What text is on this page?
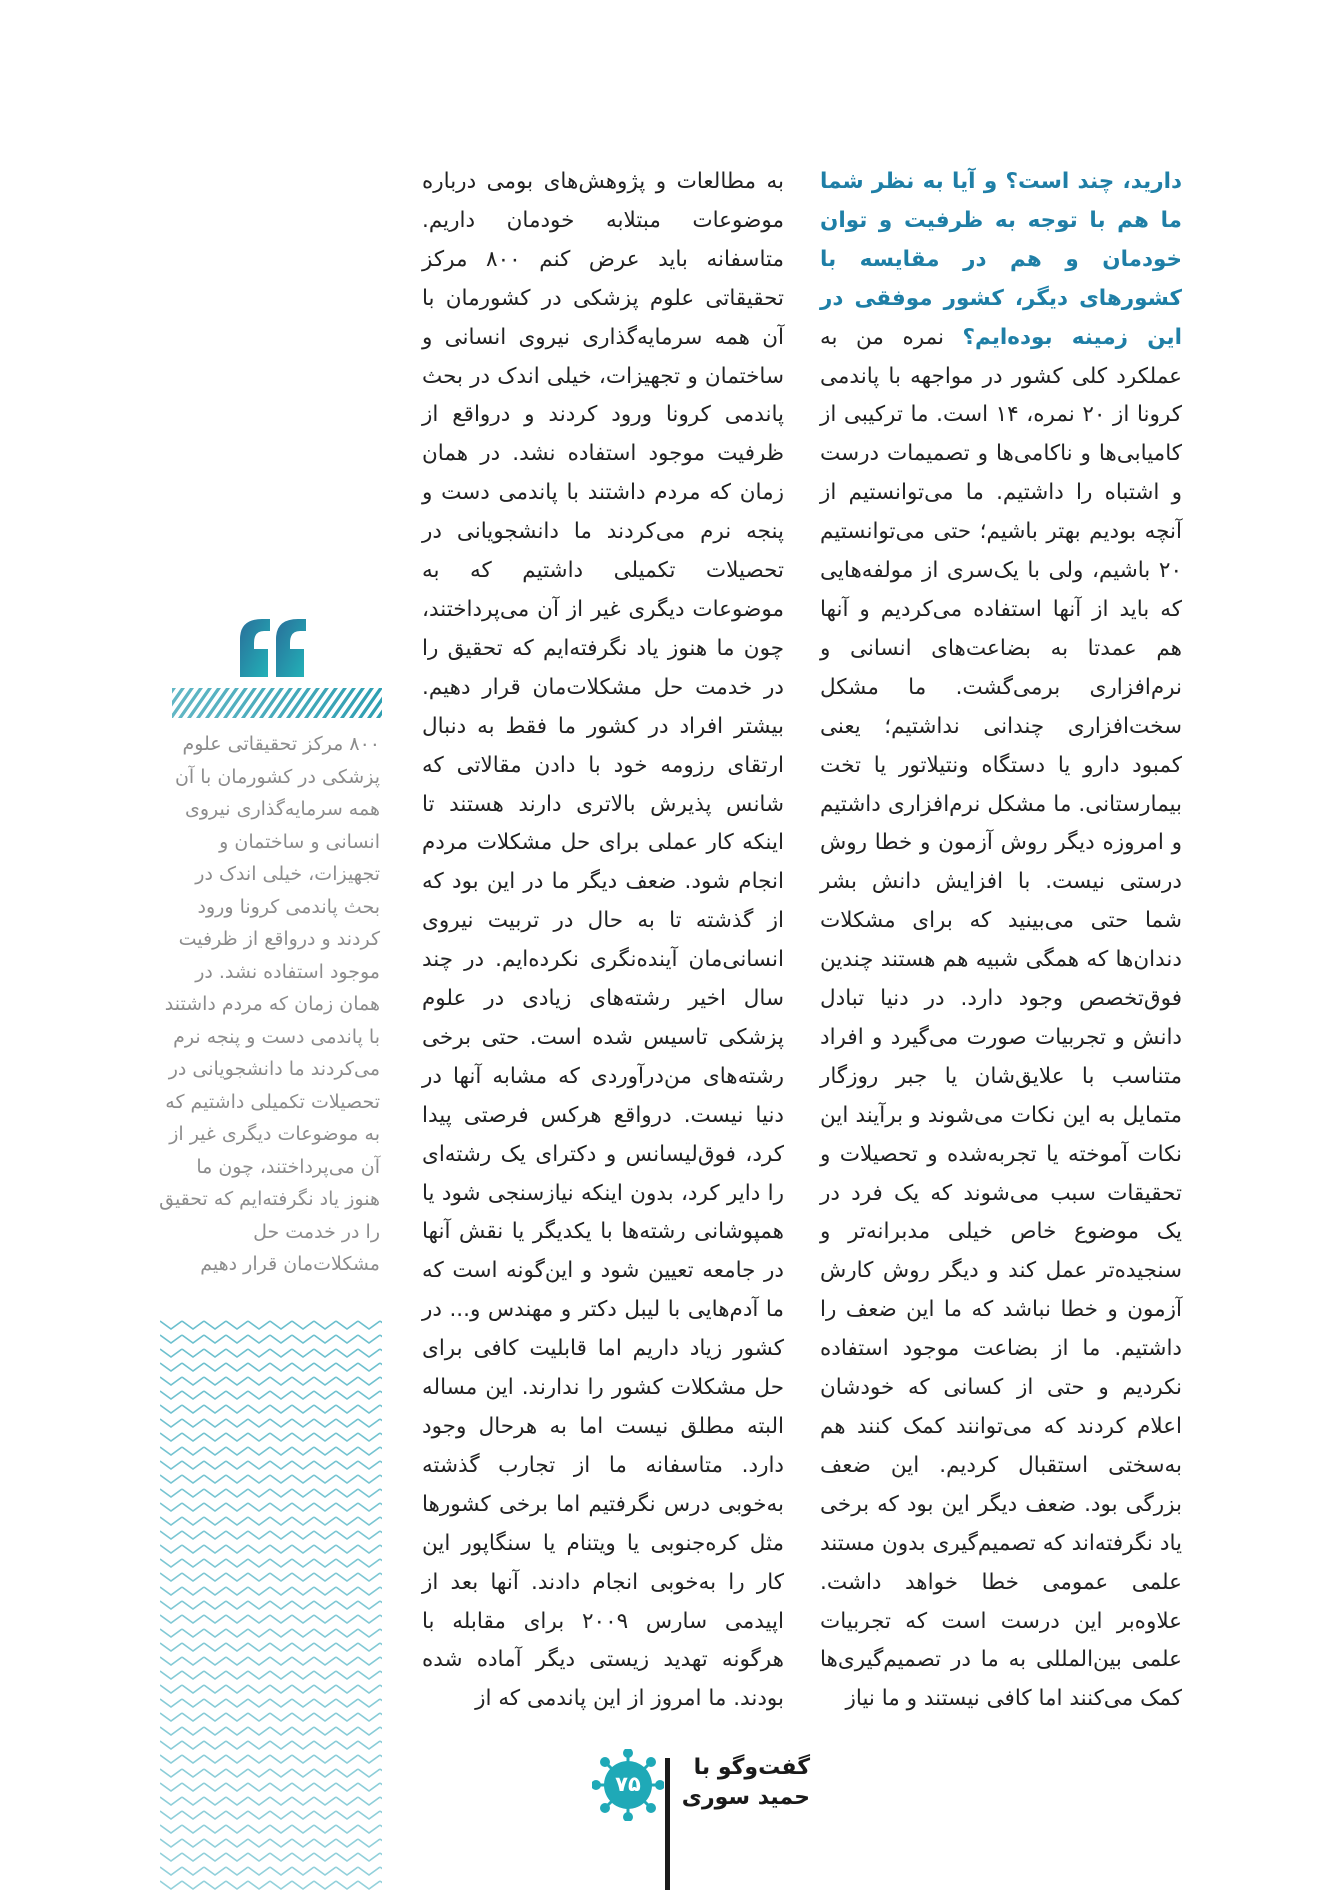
دارید، چند است؟ و آیا به نظر شما ما هم با توجه به ظرفیت و توان خودمان و هم در مقایسه با کشورهای دیگر، کشور موفقی در این زمینه بوده‌ایم؟ نمره من به عملکرد کلی کشور در مواجهه با پاندمی کرونا از ۲۰ نمره، ۱۴ است. ما ترکیبی از کامیابی‌ها و ناکامی‌ها و تصمیمات درست و اشتباه را داشتیم. ما می‌توانستیم از آنچه بودیم بهتر باشیم؛ حتی می‌توانستیم ۲۰ باشیم، ولی با یک‌سری از مولفه‌هایی که باید از آنها استفاده می‌کردیم و آنها هم عمدتا به بضاعت‌های انسانی و نرم‌افزاری برمی‌گشت. ما مشکل سخت‌افزاری چندانی نداشتیم؛ یعنی کمبود دارو یا دستگاه ونتیلاتور یا تخت بیمارستانی. ما مشکل نرم‌افزاری داشتیم و امروزه دیگر روش آزمون و خطا روش درستی نیست. با افزایش دانش بشر شما حتی می‌بینید که برای مشکلات دندان‌ها که همگی شبیه هم هستند چندین فوق‌تخصص وجود دارد. در دنیا تبادل دانش و تجربیات صورت می‌گیرد و افراد متناسب با علایق‌شان یا جبر روزگار متمایل به این نکات می‌شوند و برآیند این نکات آموخته یا تجربه‌شده و تحصیلات و تحقیقات سبب می‌شوند که یک فرد در یک موضوع خاص خیلی مدبرانه‌تر و سنجیده‌تر عمل کند و دیگر روش کارش آزمون و خطا نباشد که ما این ضعف را داشتیم. ما از بضاعت موجود استفاده نکردیم و حتی از کسانی که خودشان اعلام کردند که می‌توانند کمک کنند هم به‌سختی استقبال کردیم. این ضعف بزرگی بود. ضعف دیگر این بود که برخی یاد نگرفته‌اند که تصمیم‌گیری بدون مستند علمی عمومی خطا خواهد داشت. علاوه‌بر این درست است که تجربیات علمی بین‌المللی به ما در تصمیم‌گیری‌ها کمک می‌کنند اما کافی نیستند و ما نیاز

به مطالعات و پژوهش‌های بومی درباره موضوعات مبتلابه خودمان داریم. متاسفانه باید عرض کنم ۸۰۰ مرکز تحقیقاتی علوم پزشکی در کشورمان با آن همه سرمایه‌گذاری نیروی انسانی و ساختمان و تجهیزات، خیلی اندک در بحث پاندمی کرونا ورود کردند و درواقع از ظرفیت موجود استفاده نشد. در همان زمان که مردم داشتند با پاندمی دست و پنجه نرم می‌کردند ما دانشجویانی در تحصیلات تکمیلی داشتیم که به موضوعات دیگری غیر از آن می‌پرداختند، چون ما هنوز یاد نگرفته‌ایم که تحقیق را در خدمت حل مشکلات‌مان قرار دهیم. بیشتر افراد در کشور ما فقط به دنبال ارتقای رزومه خود با دادن مقالاتی که شانس پذیرش بالاتری دارند هستند تا اینکه کار عملی برای حل مشکلات مردم انجام شود. ضعف دیگر ما در این بود که از گذشته تا به حال در تربیت نیروی انسانی‌مان آینده‌نگری نکرده‌ایم. در چند سال اخیر رشته‌های زیادی در علوم پزشکی تاسیس شده است. حتی برخی رشته‌های من‌درآوردی که مشابه آنها در دنیا نیست. درواقع هرکس فرصتی پیدا کرد، فوق‌لیسانس و دکترای یک رشته‌ای را دایر کرد، بدون اینکه نیازسنجی شود یا همپوشانی رشته‌ها با یکدیگر یا نقش آنها در جامعه تعیین شود و این‌گونه است که ما آدم‌هایی با لیبل دکتر و مهندس و... در کشور زیاد داریم اما قابلیت کافی برای حل مشکلات کشور را ندارند. این مساله البته مطلق نیست اما به هرحال وجود دارد. متاسفانه ما از تجارب گذشته به‌خوبی درس نگرفتیم اما برخی کشورها مثل کره‌جنوبی یا ویتنام یا سنگاپور این کار را به‌خوبی انجام دادند. آنها بعد از اپیدمی سارس ۲۰۰۹ برای مقابله با هرگونه تهدید زیستی دیگر آماده شده بودند. ما امروز از این پاندمی که از

۸۰۰ مرکز تحقیقاتی علوم پزشکی در کشورمان با آن همه سرمایه‌گذاری نیروی انسانی و ساختمان و تجهیزات، خیلی اندک در بحث پاندمی کرونا ورود کردند و درواقع از ظرفیت موجود استفاده نشد. در همان زمان که مردم داشتند با پاندمی دست و پنجه نرم می‌کردند ما دانشجویانی در تحصیلات تکمیلی داشتیم که به موضوعات دیگری غیر از آن می‌پرداختند، چون ما هنوز یاد نگرفته‌ایم که تحقیق را در خدمت حل مشکلات‌مان قرار دهیم
۷۵
گفت‌وگو با
حمید سوری
